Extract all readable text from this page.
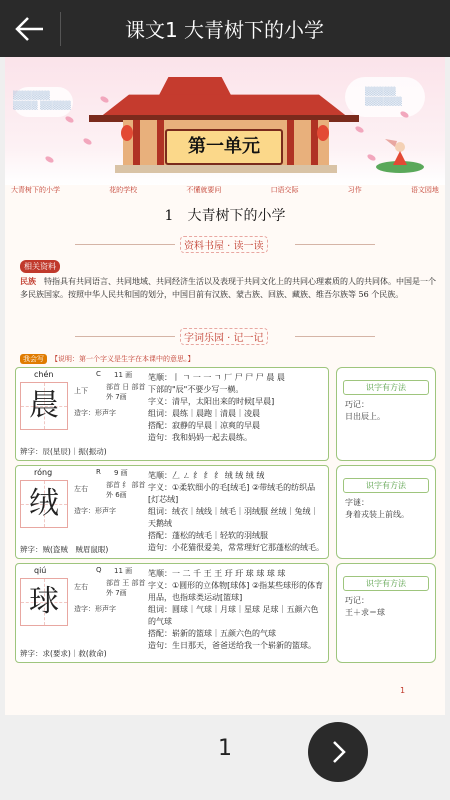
课文1 大青树下的小学
▒▒▒▒▒▒ ▒▒▒▒ ▒▒▒▒▒
▒▒▒▒▒ ▒▒▒▒▒▒
第一单元
大青树下的小学	花的学校	不懂就要问	口语交际	习作	语文园地
1　大青树下的小学
资料书屋 · 读一读
相关资料
民族　特指具有共同语言、共同地域、共同经济生活以及表现于共同文化上的共同心理素质的人的共同体。中国是一个多民族国家。按照中华人民共和国的划分，中国目前有汉族、蒙古族、回族、藏族、维吾尔族等 56 个民族。
字词乐园 · 记一记
我会写 【说明：第一个字义是生字在本课中的意思。】
chén	C 11 画
晨	上下	部首 日 部首外 7画
造字：形声字
笔顺：丨 ㄱ 一 一 ㄱ 厂 尸 尸 尸 晨 晨
下部的"辰"不要少写一横。
字义：清早，太阳出来的时候[早晨]
组词：晨练｜晨跑｜清晨｜凌晨
搭配：寂静的早晨｜凉爽的早晨
造句：我和妈妈一起去晨练。
辨字：辰(星辰)｜振(振动)
识字有方法
巧记：
日出辰上。
róng	R 9 画
绒	左右	部首 纟 部首外 6画
造字：形声字
笔顺：𠃋 ㄥ 纟 纟 纟 绒 绒 绒 绒
字义：①柔软细小的毛[绒毛] ②带绒毛的纺织品[灯芯绒]
组词：绒衣｜绒线｜绒毛｜羽绒服 丝绒｜兔绒｜天鹅绒
搭配：蓬松的绒毛｜轻软的羽绒服
造句：小花猫很爱美，常常理好它那蓬松的绒毛。
辨字：贼(盗贼　贼眉鼠眼)
识字有方法
字谜：
身着戎装上前线。
qiú	Q 11 画
球	左右	部首 王 部首外 7画
造字：形声字
笔顺：一 二 千 王 王 玗 玗 球 球 球 球
字义：①圆形的立体物[球体] ②指某些球形的体育用品，也指球类运动[篮球]
组词：圆球｜气球｜月球｜星球 足球｜五颜六色的气球
搭配：崭新的篮球｜五颜六色的气球
造句：生日那天，爸爸送给我一个崭新的篮球。
辨字：求(要求)｜救(救命)
识字有方法
巧记：
王＋求＝球
1
1
